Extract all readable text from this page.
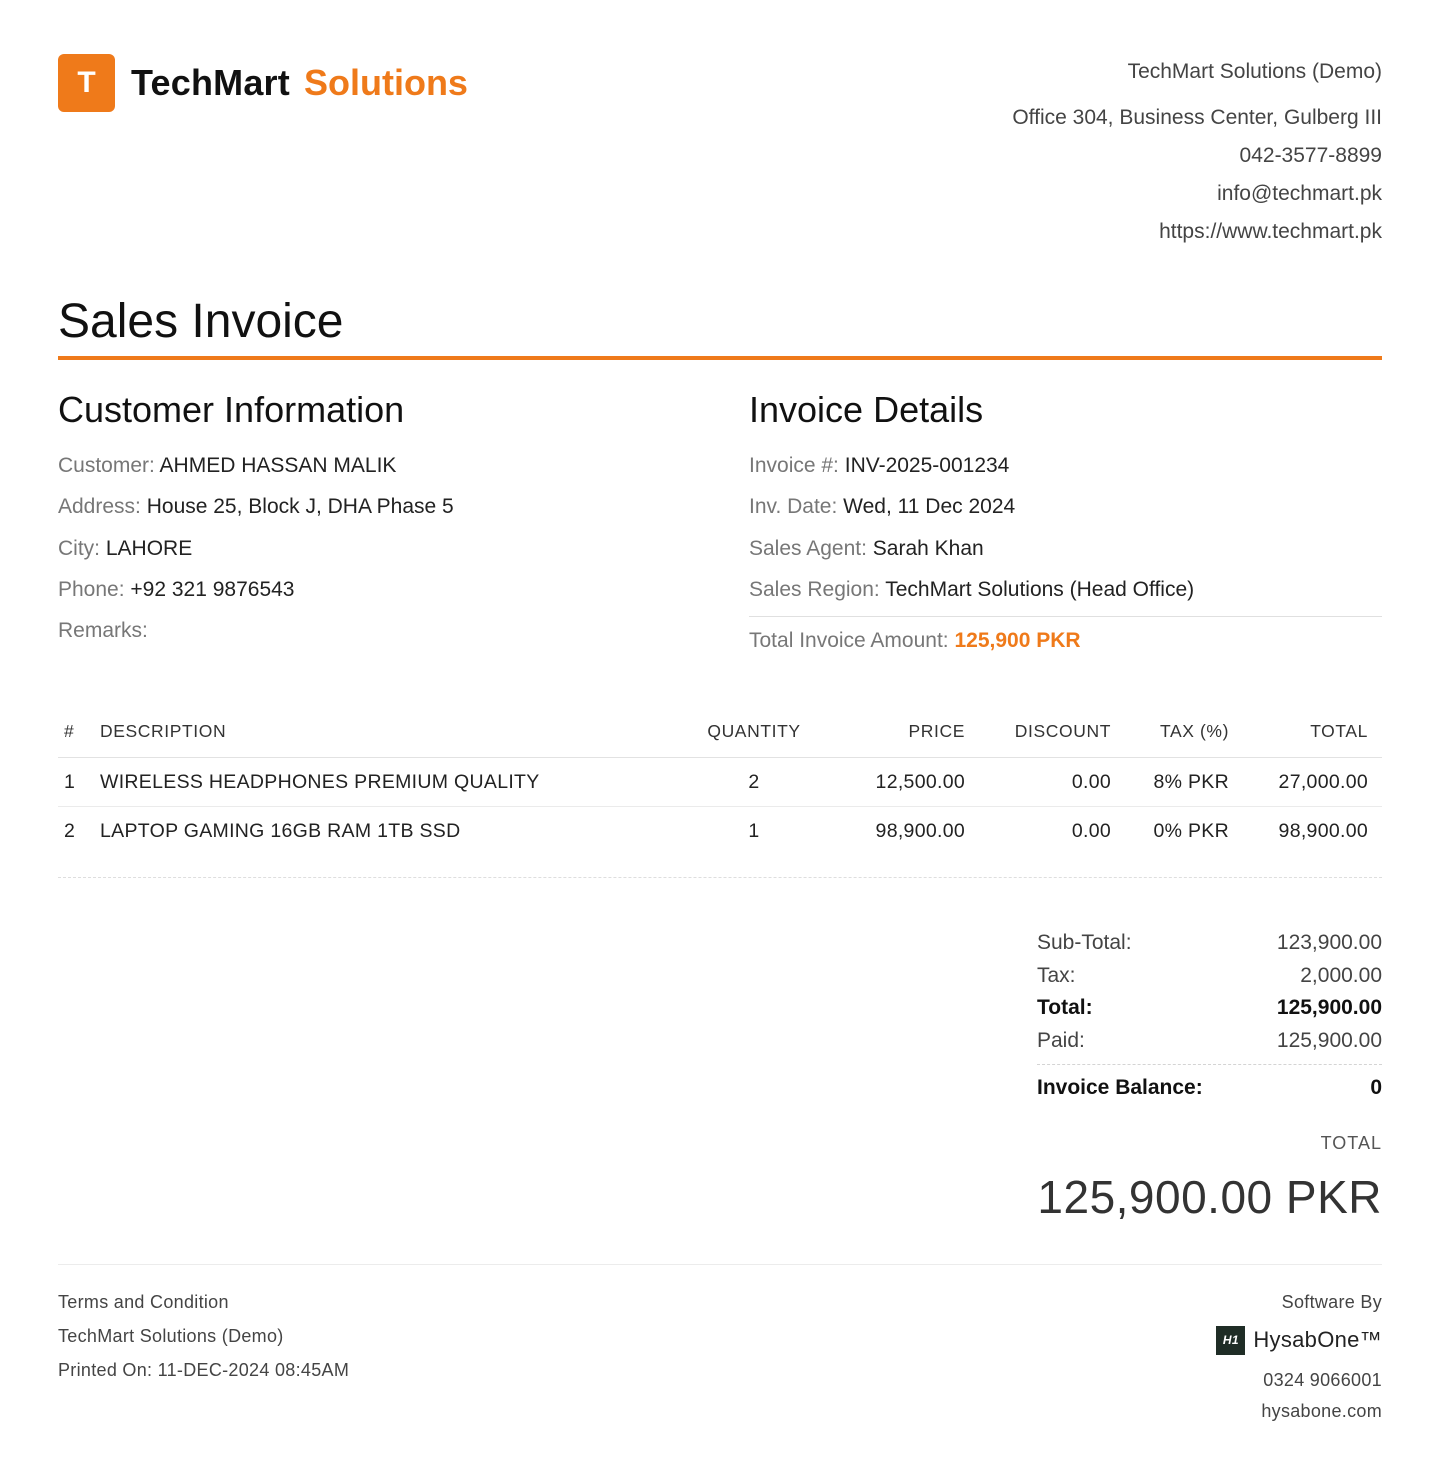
T TechMart Solutions	TechMart Solutions (Demo)
Office 304, Business Center, Gulberg III
042-3577-8899
info@techmart.pk
https://www.techmart.pk
Sales Invoice
Customer Information
Customer: AHMED HASSAN MALIK
Address: House 25, Block J, DHA Phase 5
City: LAHORE
Phone: +92 321 9876543
Remarks:
Invoice Details
Invoice #: INV-2025-001234
Inv. Date: Wed, 11 Dec 2024
Sales Agent: Sarah Khan
Sales Region: TechMart Solutions (Head Office)
Total Invoice Amount: 125,900 PKR
#	DESCRIPTION	QUANTITY	PRICE	DISCOUNT	TAX (%)	TOTAL
1	WIRELESS HEADPHONES PREMIUM QUALITY	2	12,500.00	0.00	8% PKR	27,000.00
2	LAPTOP GAMING 16GB RAM 1TB SSD	1	98,900.00	0.00	0% PKR	98,900.00
Sub-Total:	123,900.00
Tax:	2,000.00
Total:	125,900.00
Paid:	125,900.00
Invoice Balance:	0
TOTAL
125,900.00 PKR
Terms and Condition
TechMart Solutions (Demo)
Printed On: 11-DEC-2024 08:45AM
Software By
H1 HysabOne™
0324 9066001
hysabone.com
